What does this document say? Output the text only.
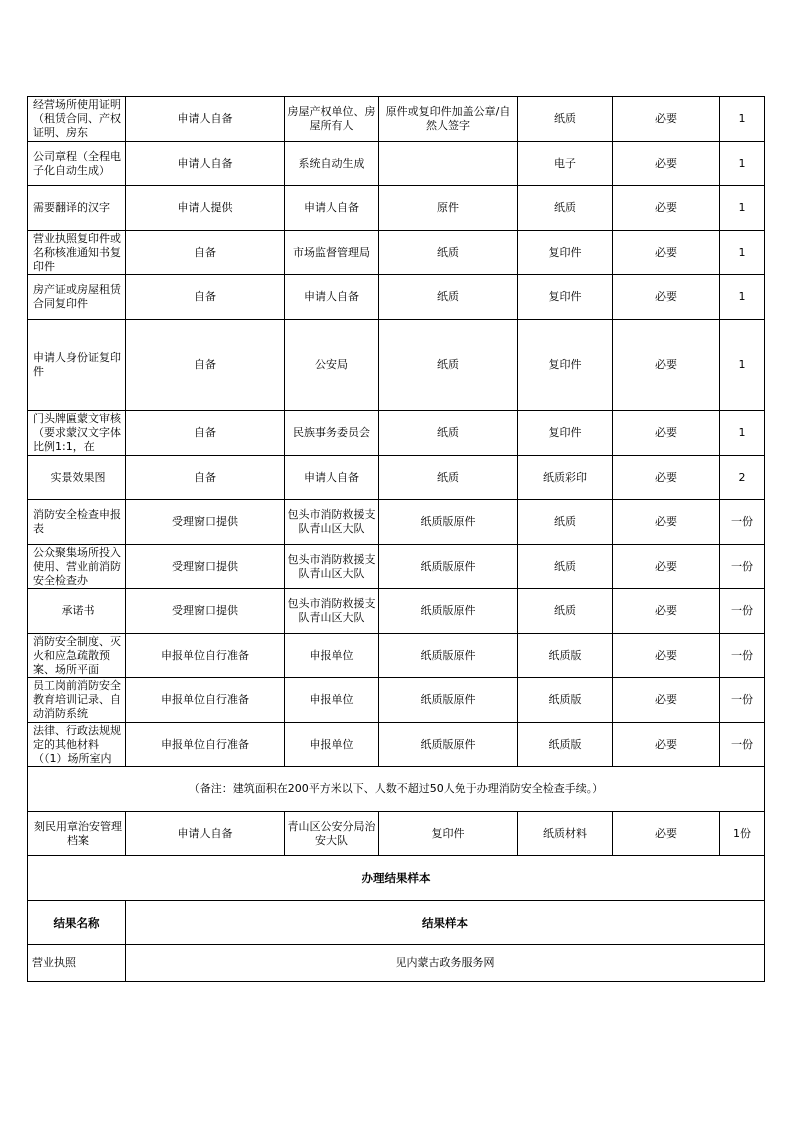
经营场所使用证明（租赁合同、产权证明、房东	申请人自备	房屋产权单位、房屋所有人	原件或复印件加盖公章/自然人签字	纸质	必要	1

公司章程（全程电子化自动生成）	申请人自备	系统自动生成		电子	必要	1

需要翻译的汉字	申请人提供	申请人自备	原件	纸质	必要	1

营业执照复印件或名称核准通知书复印件	自备	市场监督管理局	纸质	复印件	必要	1

房产证或房屋租赁合同复印件	自备	申请人自备	纸质	复印件	必要	1

申请人身份证复印件	自备	公安局	纸质	复印件	必要	1

门头牌匾蒙文审核（要求蒙汉文字体比例1:1，在	自备	民族事务委员会	纸质	复印件	必要	1

实景效果图	自备	申请人自备	纸质	纸质彩印	必要	2

消防安全检查申报表	受理窗口提供	包头市消防救援支队青山区大队	纸质版原件	纸质	必要	一份

公众聚集场所投入使用、营业前消防安全检查办	受理窗口提供	包头市消防救援支队青山区大队	纸质版原件	纸质	必要	一份

承诺书	受理窗口提供	包头市消防救援支队青山区大队	纸质版原件	纸质	必要	一份

消防安全制度、灭火和应急疏散预案、场所平面	申报单位自行准备	申报单位	纸质版原件	纸质版	必要	一份

员工岗前消防安全教育培训记录、自动消防系统	申报单位自行准备	申报单位	纸质版原件	纸质版	必要	一份

法律、行政法规规定的其他材料（（1）场所室内	申报单位自行准备	申报单位	纸质版原件	纸质版	必要	一份
（备注：建筑面积在200平方米以下、人数不超过50人免于办理消防安全检查手续。）						

刻民用章治安管理档案	申请人自备	青山区公安分局治安大队	复印件	纸质材料	必要	1份
办理结果样本						
结果名称	结果样本					
营业执照	见内蒙古政务服务网					
